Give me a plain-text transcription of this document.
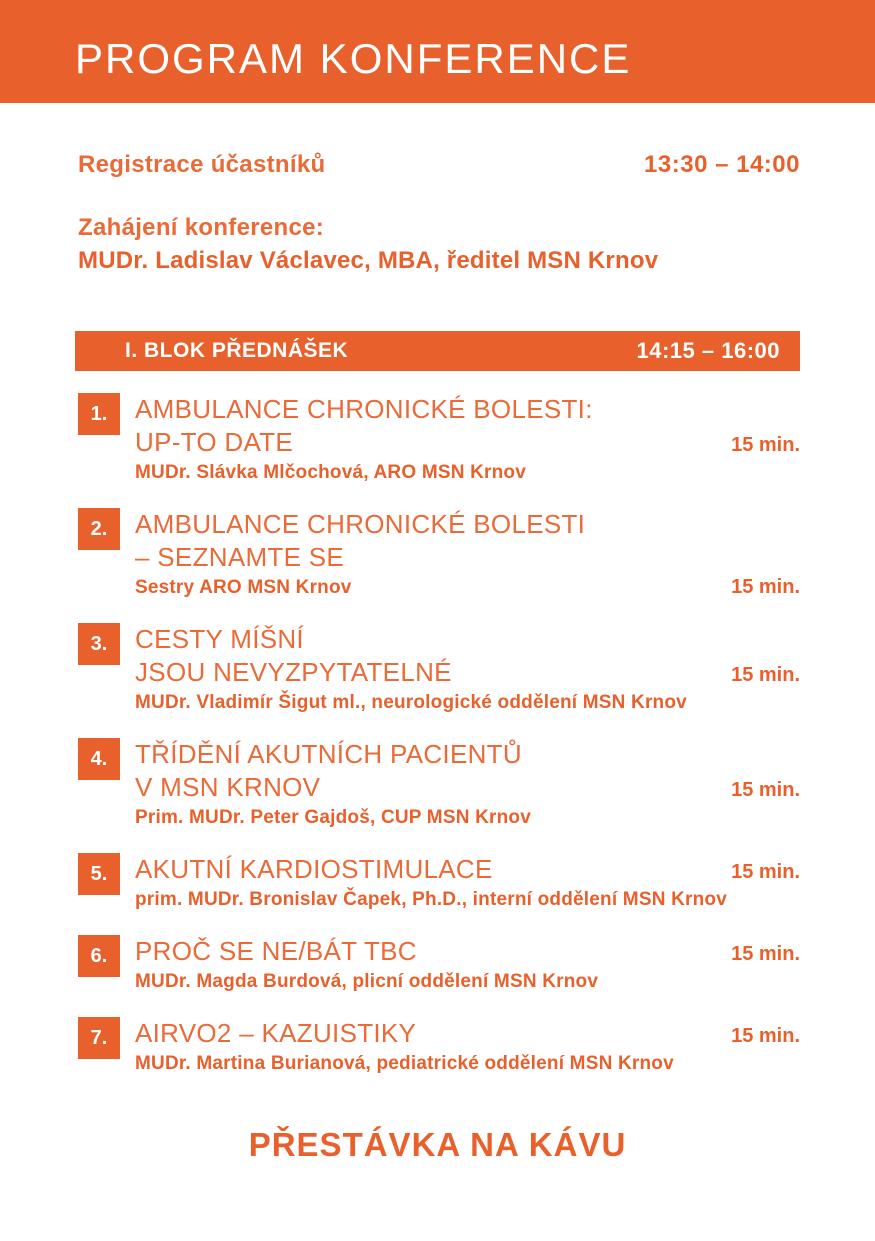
PROGRAM KONFERENCE
Registrace účastníků	13:30 – 14:00
Zahájení konference:
MUDr. Ladislav Václavec, MBA, ředitel MSN Krnov
I. BLOK PŘEDNÁŠEK	14:15 – 16:00
1.	AMBULANCE CHRONICKÉ BOLESTI:
UP-TO DATE	15 min.
MUDr. Slávka Mlčochová, ARO MSN Krnov
2.	AMBULANCE CHRONICKÉ BOLESTI
– SEZNAMTE SE
Sestry ARO MSN Krnov	15 min.
3.	CESTY MÍŠNÍ
JSOU NEVYZPYTATELNÉ	15 min.
MUDr. Vladimír Šigut ml., neurologické oddělení MSN Krnov
4.	TŘÍDĚNÍ AKUTNÍCH PACIENTŮ
V MSN KRNOV	15 min.
Prim. MUDr. Peter Gajdoš, CUP MSN Krnov
5.	AKUTNÍ KARDIOSTIMULACE	15 min.
prim. MUDr. Bronislav Čapek, Ph.D., interní oddělení MSN Krnov
6.	PROČ SE NE/BÁT TBC	15 min.
MUDr. Magda Burdová, plicní oddělení MSN Krnov
7.	AIRVO2 – KAZUISTIKY	15 min.
MUDr. Martina Burianová, pediatrické oddělení MSN Krnov
PŘESTÁVKA NA KÁVU
